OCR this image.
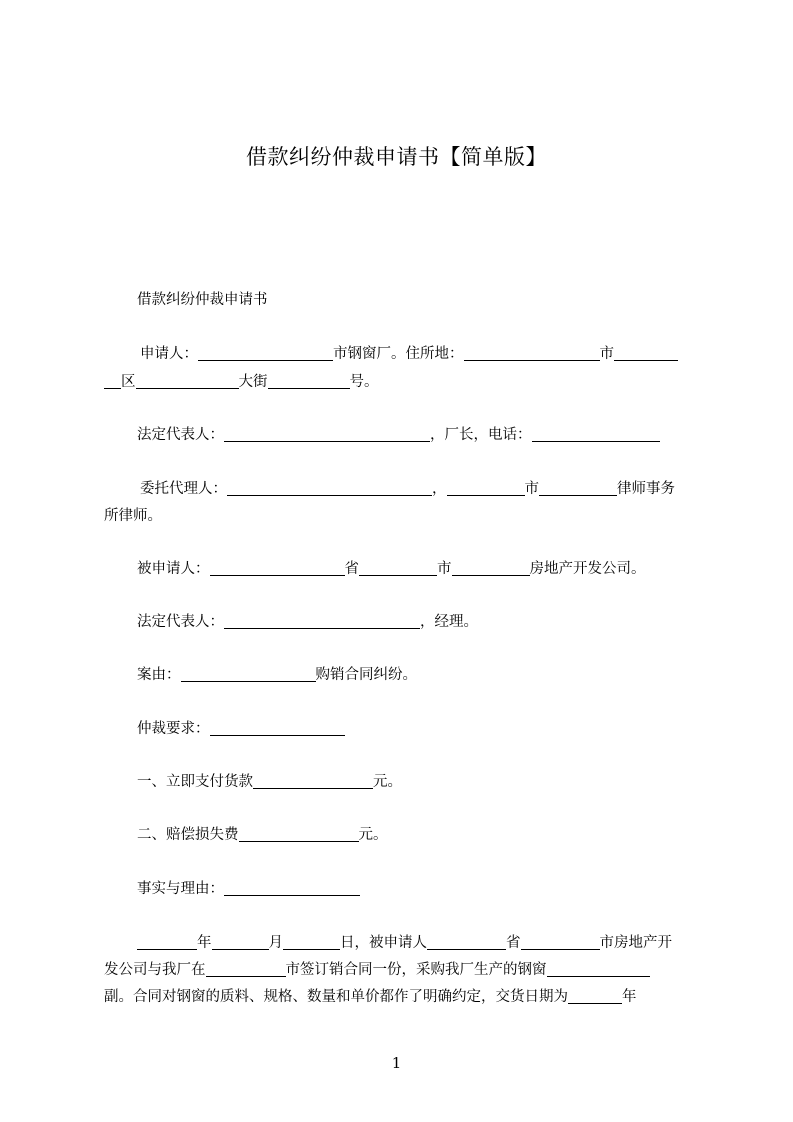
借款纠纷仲裁申请书【简单版】
借款纠纷仲裁申请书
申请人：	市钢窗厂。住所地：	市
区	大街	号。
法定代表人：	，厂长，电话：
委托代理人：	，	市	律师事务
所律师。
被申请人：	省	市	房地产开发公司。
法定代表人：	，经理。
案由：	购销合同纠纷。
仲裁要求：
一、立即支付货款	元。
二、赔偿损失费	元。
事实与理由：
年	月	日，被申请人	省	市房地产开
发公司与我厂在	市签订销合同一份，采购我厂生产的钢窗
副。合同对钢窗的质料、规格、数量和单价都作了明确约定，交货日期为	年
1
